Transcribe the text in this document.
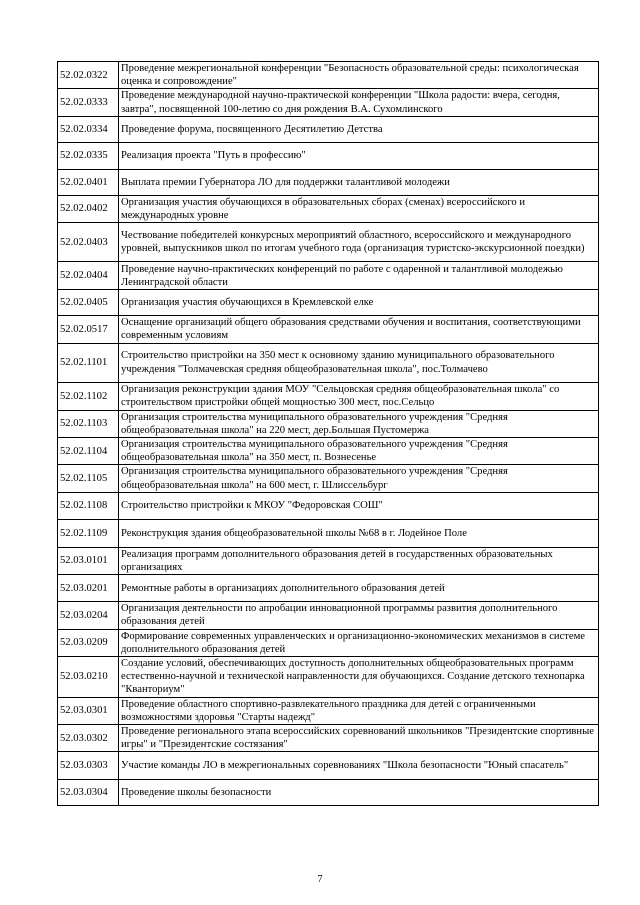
52.02.0322	Проведение межрегиональной конференции "Безопасность образовательной среды: психологическая оценка и сопровождение"
52.02.0333	Проведение международной научно-практической конференции "Школа радости: вчера, сегодня, завтра", посвященной 100-летию со дня рождения В.А. Сухомлинского
52.02.0334	Проведение форума, посвященного Десятилетию Детства
52.02.0335	Реализация проекта "Путь в профессию"
52.02.0401	Выплата премии Губернатора ЛО для поддержки талантливой молодежи
52.02.0402	Организация участия обучающихся в образовательных сборах (сменах) всероссийского и международных уровне
52.02.0403	Чествование победителей конкурсных мероприятий областного, всероссийского и международного уровней, выпускников школ по итогам учебного года (организация туристско-экскурсионной поездки)
52.02.0404	Проведение научно-практических конференций по работе с одаренной и талантливой молодежью Ленинградской области
52.02.0405	Организация участия обучающихся в Кремлевской елке
52.02.0517	Оснащение организаций общего образования средствами обучения и воспитания, соответствующими современным условиям
52.02.1101	Строительство пристройки на 350 мест к основному зданию муниципального образовательного учреждения "Толмачевская средняя общеобразовательная школа", пос.Толмачево
52.02.1102	Организация реконструкции здания МОУ "Сельцовская средняя общеобразовательная школа" со строительством пристройки общей мощностью 300 мест, пос.Сельцо
52.02.1103	Организация строительства муниципального образовательного учреждения "Средняя общеобразовательная школа" на 220 мест, дер.Большая Пустомержа
52.02.1104	Организация строительства муниципального образовательного учреждения "Средняя общеобразовательная школа" на 350 мест, п. Вознесенье
52.02.1105	Организация строительства муниципального образовательного учреждения "Средняя общеобразовательная школа" на 600 мест, г. Шлиссельбург
52.02.1108	Строительство пристройки к МКОУ "Федоровская СОШ"
52.02.1109	Реконструкция здания общеобразовательной школы №68 в г. Лодейное Поле
52.03.0101	Реализация программ дополнительного образования детей в государственных образовательных организациях
52.03.0201	Ремонтные работы в организациях дополнительного образования детей
52.03.0204	Организация деятельности по апробации инновационной программы развития дополнительного образования детей
52.03.0209	Формирование современных управленческих и организационно-экономических механизмов в системе дополнительного образования детей
52.03.0210	Создание условий, обеспечивающих доступность дополнительных общеобразовательных программ естественно-научной и технической направленности для обучающихся. Создание детского технопарка "Кванториум"
52.03.0301	Проведение областного спортивно-развлекательного праздника для детей с ограниченными возможностями здоровья "Старты надежд"
52.03.0302	Проведение регионального этапа всероссийских соревнований школьников "Президентские спортивные игры" и "Президентские состязания"
52.03.0303	Участие команды ЛО в межрегиональных соревнованиях "Школа безопасности "Юный спасатель"
52.03.0304	Проведение школы безопасности
7
